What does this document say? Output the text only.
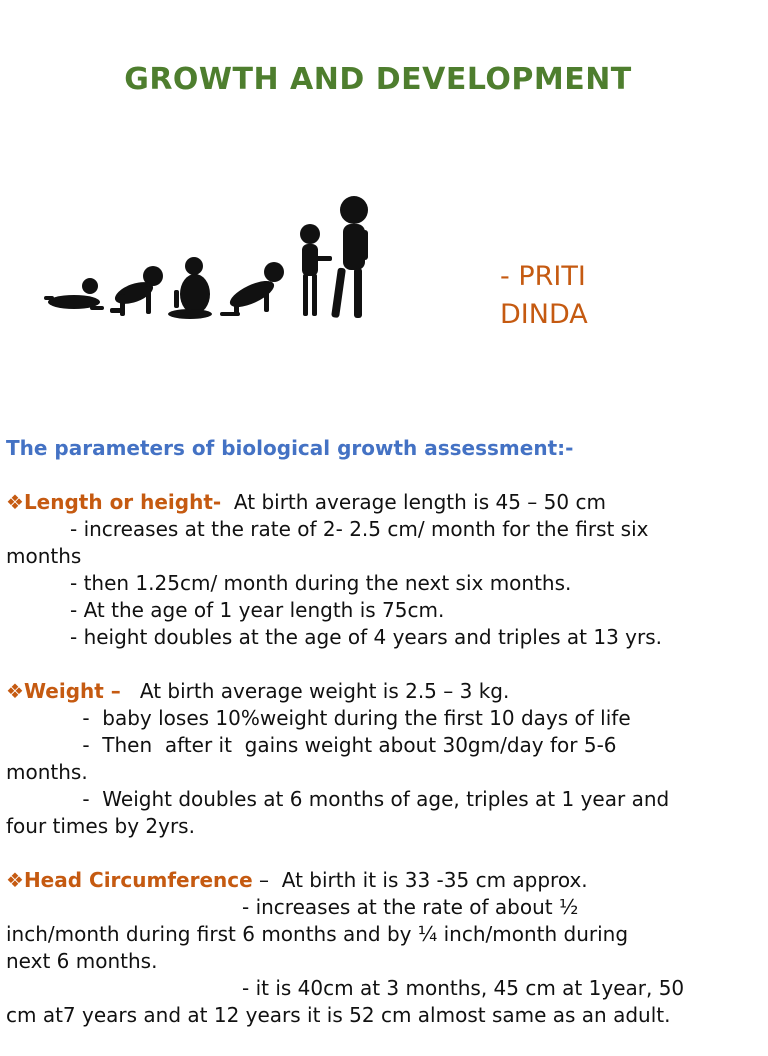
GROWTH AND DEVELOPMENT
- PRITI
DINDA
The parameters of biological growth assessment:-

❖Length or height-  At birth average length is 45 – 50 cm

- increases at the rate of 2- 2.5 cm/ month for the first six

months

- then 1.25cm/ month during the next six months.

- At the age of 1 year length is 75cm.

- height doubles at the age of 4 years and triples at 13 yrs.

❖Weight –   At birth average weight is 2.5 – 3 kg.

-  baby loses 10%weight during the first 10 days of life

-  Then  after it  gains weight about 30gm/day for 5-6

months.

-  Weight doubles at 6 months of age, triples at 1 year and

four times by 2yrs.

❖Head Circumference –  At birth it is 33 -35 cm approx.

- increases at the rate of about ½

inch/month during first 6 months and by ¼ inch/month during

next 6 months.

- it is 40cm at 3 months, 45 cm at 1year, 50

cm at7 years and at 12 years it is 52 cm almost same as an adult.
